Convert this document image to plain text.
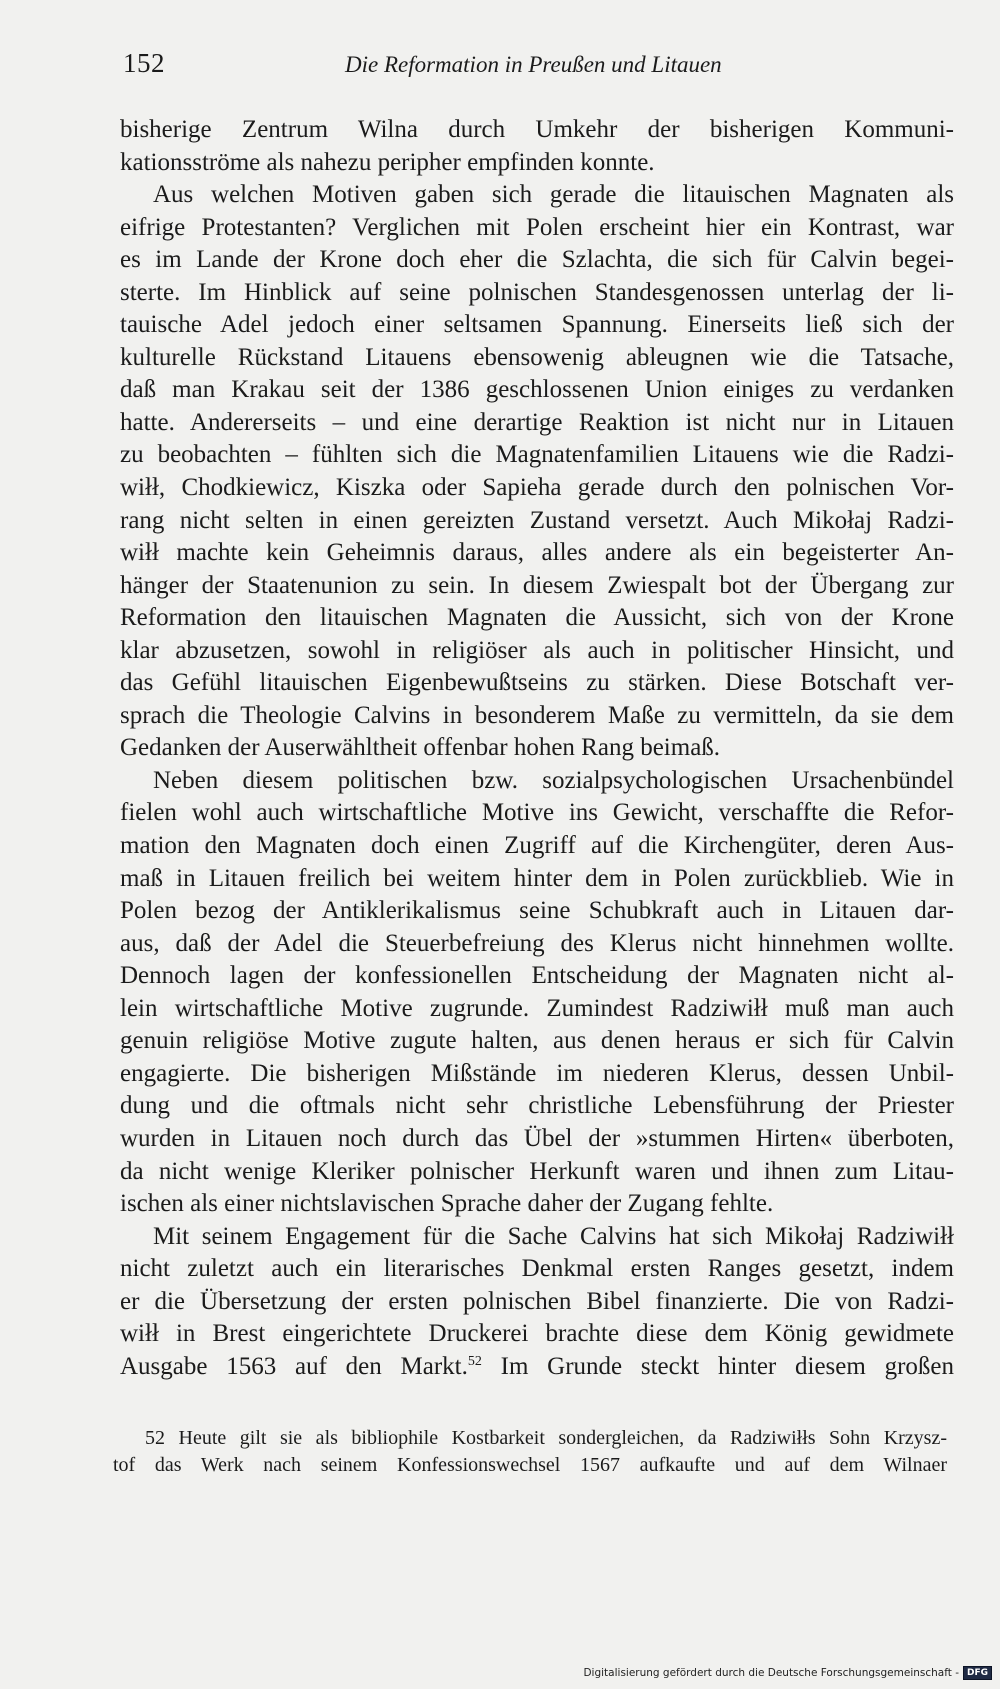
152	Die Reformation in Preußen und Litauen
bisherige Zentrum Wilna durch Umkehr der bisherigen Kommuni-
kationsströme als nahezu peripher empfinden konnte.
Aus welchen Motiven gaben sich gerade die litauischen Magnaten als
eifrige Protestanten? Verglichen mit Polen erscheint hier ein Kontrast, war
es im Lande der Krone doch eher die Szlachta, die sich für Calvin begei-
sterte. Im Hinblick auf seine polnischen Standesgenossen unterlag der li-
tauische Adel jedoch einer seltsamen Spannung. Einerseits ließ sich der
kulturelle Rückstand Litauens ebensowenig ableugnen wie die Tatsache,
daß man Krakau seit der 1386 geschlossenen Union einiges zu verdanken
hatte. Andererseits – und eine derartige Reaktion ist nicht nur in Litauen
zu beobachten – fühlten sich die Magnatenfamilien Litauens wie die Radzi-
wiłł, Chodkiewicz, Kiszka oder Sapieha gerade durch den polnischen Vor-
rang nicht selten in einen gereizten Zustand versetzt. Auch Mikołaj Radzi-
wiłł machte kein Geheimnis daraus, alles andere als ein begeisterter An-
hänger der Staatenunion zu sein. In diesem Zwiespalt bot der Übergang zur
Reformation den litauischen Magnaten die Aussicht, sich von der Krone
klar abzusetzen, sowohl in religiöser als auch in politischer Hinsicht, und
das Gefühl litauischen Eigenbewußtseins zu stärken. Diese Botschaft ver-
sprach die Theologie Calvins in besonderem Maße zu vermitteln, da sie dem
Gedanken der Auserwähltheit offenbar hohen Rang beimaß.
Neben diesem politischen bzw. sozialpsychologischen Ursachenbündel
fielen wohl auch wirtschaftliche Motive ins Gewicht, verschaffte die Refor-
mation den Magnaten doch einen Zugriff auf die Kirchengüter, deren Aus-
maß in Litauen freilich bei weitem hinter dem in Polen zurückblieb. Wie in
Polen bezog der Antiklerikalismus seine Schubkraft auch in Litauen dar-
aus, daß der Adel die Steuerbefreiung des Klerus nicht hinnehmen wollte.
Dennoch lagen der konfessionellen Entscheidung der Magnaten nicht al-
lein wirtschaftliche Motive zugrunde. Zumindest Radziwiłł muß man auch
genuin religiöse Motive zugute halten, aus denen heraus er sich für Calvin
engagierte. Die bisherigen Mißstände im niederen Klerus, dessen Unbil-
dung und die oftmals nicht sehr christliche Lebensführung der Priester
wurden in Litauen noch durch das Übel der »stummen Hirten« überboten,
da nicht wenige Kleriker polnischer Herkunft waren und ihnen zum Litau-
ischen als einer nichtslavischen Sprache daher der Zugang fehlte.
Mit seinem Engagement für die Sache Calvins hat sich Mikołaj Radziwiłł
nicht zuletzt auch ein literarisches Denkmal ersten Ranges gesetzt, indem
er die Übersetzung der ersten polnischen Bibel finanzierte. Die von Radzi-
wiłł in Brest eingerichtete Druckerei brachte diese dem König gewidmete
Ausgabe 1563 auf den Markt.$^{52}$ Im Grunde steckt hinter diesem großen
52 Heute gilt sie als bibliophile Kostbarkeit sondergleichen, da Radziwiłłs Sohn Krzysz-
tof das Werk nach seinem Konfessionswechsel 1567 aufkaufte und auf dem Wilnaer
Digitalisierung gefördert durch die Deutsche Forschungsgemeinschaft - DFG
